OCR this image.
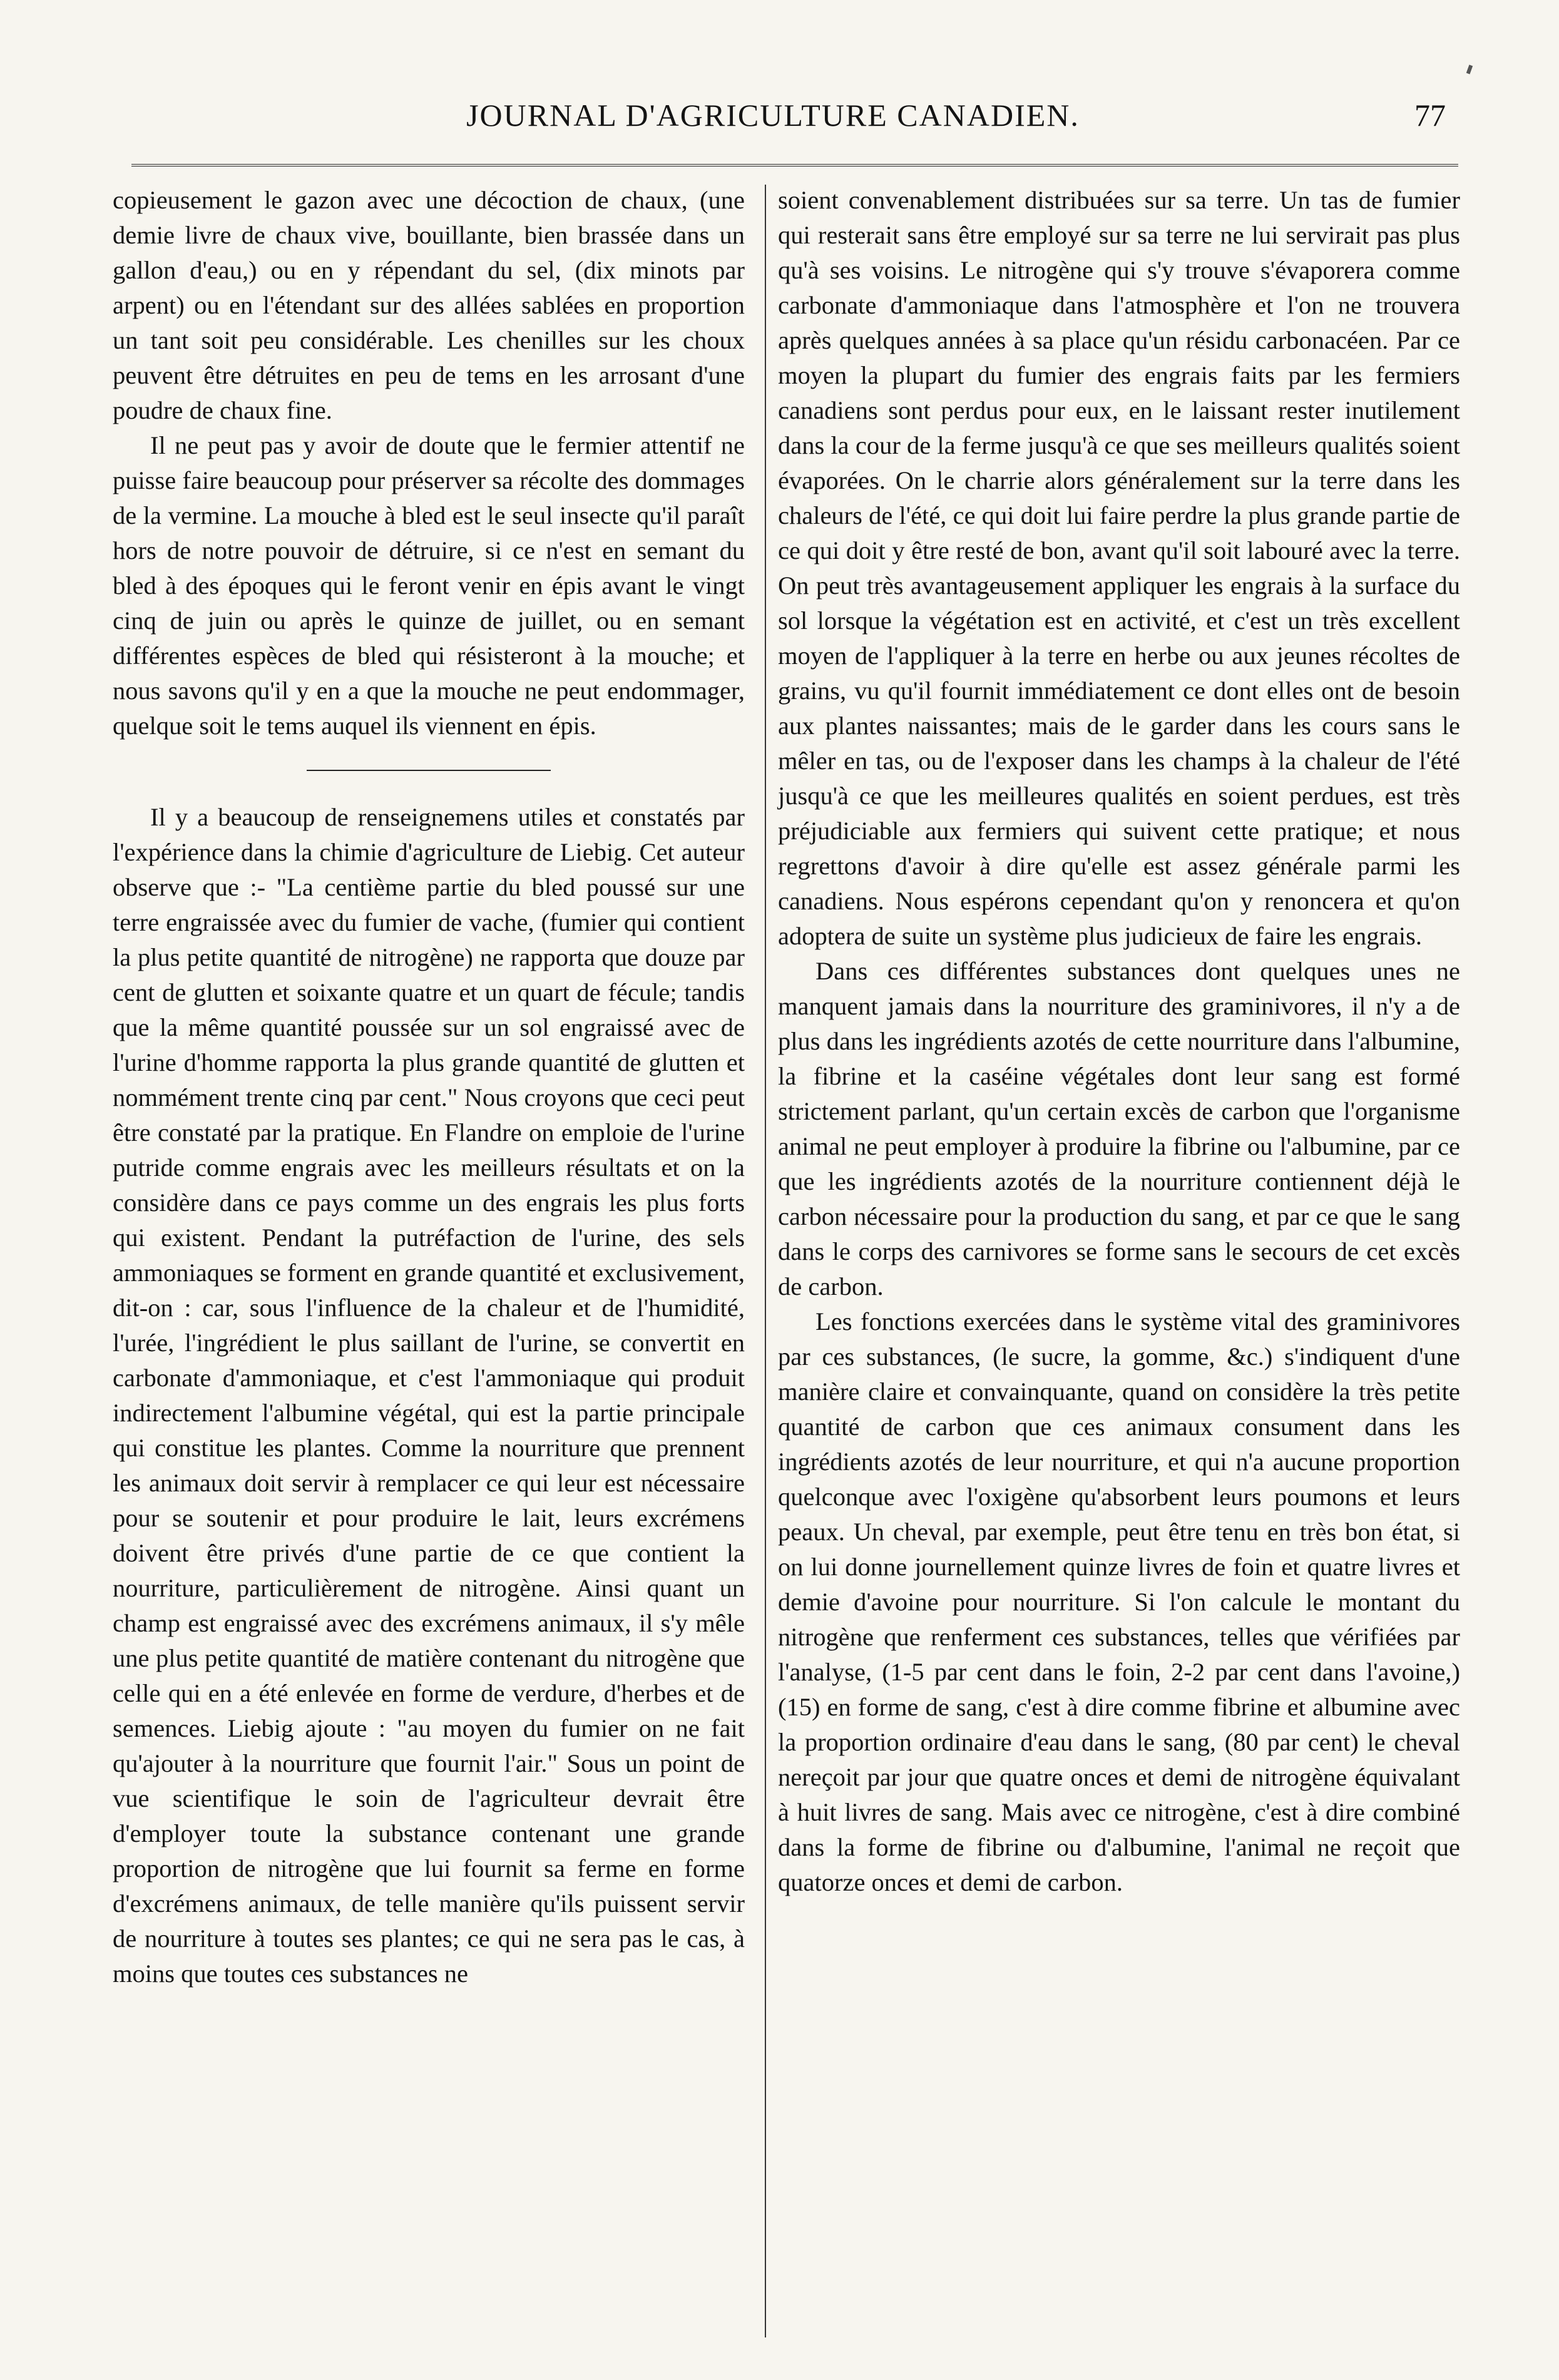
JOURNAL D'AGRICULTURE CANADIEN.	77

copieusement le gazon avec une décoction de chaux, (une demie livre de chaux vive, bouillante, bien brassée dans un gallon d'eau,) ou en y répendant du sel, (dix minots par arpent) ou en l'étendant sur des allées sablées en proportion un tant soit peu considérable. Les chenilles sur les choux peuvent être détruites en peu de tems en les arrosant d'une poudre de chaux fine.

Il ne peut pas y avoir de doute que le fermier attentif ne puisse faire beaucoup pour préserver sa récolte des dommages de la vermine. La mouche à bled est le seul insecte qu'il paraît hors de notre pouvoir de détruire, si ce n'est en semant du bled à des époques qui le feront venir en épis avant le vingt cinq de juin ou après le quinze de juillet, ou en semant différentes espèces de bled qui résisteront à la mouche; et nous savons qu'il y en a que la mouche ne peut endommager, quelque soit le tems auquel ils viennent en épis.

Il y a beaucoup de renseignemens utiles et constatés par l'expérience dans la chimie d'agriculture de Liebig. Cet auteur observe que :- "La centième partie du bled poussé sur une terre engraissée avec du fumier de vache, (fumier qui contient la plus petite quantité de nitrogène) ne rapporta que douze par cent de glutten et soixante quatre et un quart de fécule; tandis que la même quantité poussée sur un sol engraissé avec de l'urine d'homme rapporta la plus grande quantité de glutten et nommément trente cinq par cent." Nous croyons que ceci peut être constaté par la pratique. En Flandre on emploie de l'urine putride comme engrais avec les meilleurs résultats et on la considère dans ce pays comme un des engrais les plus forts qui existent. Pendant la putréfaction de l'urine, des sels ammoniaques se forment en grande quantité et exclusivement, dit-on : car, sous l'influence de la chaleur et de l'humidité, l'urée, l'ingrédient le plus saillant de l'urine, se convertit en carbonate d'ammoniaque, et c'est l'ammoniaque qui produit indirectement l'albumine végétal, qui est la partie principale qui constitue les plantes. Comme la nourriture que prennent les animaux doit servir à remplacer ce qui leur est nécessaire pour se soutenir et pour produire le lait, leurs excrémens doivent être privés d'une partie de ce que contient la nourriture, particulièrement de nitrogène. Ainsi quant un champ est engraissé avec des excrémens animaux, il s'y mêle une plus petite quantité de matière contenant du nitrogène que celle qui en a été enlevée en forme de verdure, d'herbes et de semences. Liebig ajoute : "au moyen du fumier on ne fait qu'ajouter à la nourriture que fournit l'air." Sous un point de vue scientifique le soin de l'agriculteur devrait être d'employer toute la substance contenant une grande proportion de nitrogène que lui fournit sa ferme en forme d'excrémens animaux, de telle manière qu'ils puissent servir de nourriture à toutes ses plantes; ce qui ne sera pas le cas, à moins que toutes ces substances ne

soient convenablement distribuées sur sa terre. Un tas de fumier qui resterait sans être employé sur sa terre ne lui servirait pas plus qu'à ses voisins. Le nitrogène qui s'y trouve s'évaporera comme carbonate d'ammoniaque dans l'atmosphère et l'on ne trouvera après quelques années à sa place qu'un résidu carbonacéen. Par ce moyen la plupart du fumier des engrais faits par les fermiers canadiens sont perdus pour eux, en le laissant rester inutilement dans la cour de la ferme jusqu'à ce que ses meilleurs qualités soient évaporées. On le charrie alors généralement sur la terre dans les chaleurs de l'été, ce qui doit lui faire perdre la plus grande partie de ce qui doit y être resté de bon, avant qu'il soit labouré avec la terre. On peut très avantageusement appliquer les engrais à la surface du sol lorsque la végétation est en activité, et c'est un très excellent moyen de l'appliquer à la terre en herbe ou aux jeunes récoltes de grains, vu qu'il fournit immédiatement ce dont elles ont de besoin aux plantes naissantes; mais de le garder dans les cours sans le mêler en tas, ou de l'exposer dans les champs à la chaleur de l'été jusqu'à ce que les meilleures qualités en soient perdues, est très préjudiciable aux fermiers qui suivent cette pratique; et nous regrettons d'avoir à dire qu'elle est assez générale parmi les canadiens. Nous espérons cependant qu'on y renoncera et qu'on adoptera de suite un système plus judicieux de faire les engrais.

Dans ces différentes substances dont quelques unes ne manquent jamais dans la nourriture des graminivores, il n'y a de plus dans les ingrédients azotés de cette nourriture dans l'albumine, la fibrine et la caséine végétales dont leur sang est formé strictement parlant, qu'un certain excès de carbon que l'organisme animal ne peut employer à produire la fibrine ou l'albumine, par ce que les ingrédients azotés de la nourriture contiennent déjà le carbon nécessaire pour la production du sang, et par ce que le sang dans le corps des carnivores se forme sans le secours de cet excès de carbon.

Les fonctions exercées dans le système vital des graminivores par ces substances, (le sucre, la gomme, &c.) s'indiquent d'une manière claire et convainquante, quand on considère la très petite quantité de carbon que ces animaux consument dans les ingrédients azotés de leur nourriture, et qui n'a aucune proportion quelconque avec l'oxigène qu'absorbent leurs poumons et leurs peaux. Un cheval, par exemple, peut être tenu en très bon état, si on lui donne journellement quinze livres de foin et quatre livres et demie d'avoine pour nourriture. Si l'on calcule le montant du nitrogène que renferment ces substances, telles que vérifiées par l'analyse, (1-5 par cent dans le foin, 2-2 par cent dans l'avoine,) (15) en forme de sang, c'est à dire comme fibrine et albumine avec la proportion ordinaire d'eau dans le sang, (80 par cent) le cheval nereçoit par jour que quatre onces et demi de nitrogène équivalant à huit livres de sang. Mais avec ce nitrogène, c'est à dire combiné dans la forme de fibrine ou d'albumine, l'animal ne reçoit que quatorze onces et demi de carbon.
